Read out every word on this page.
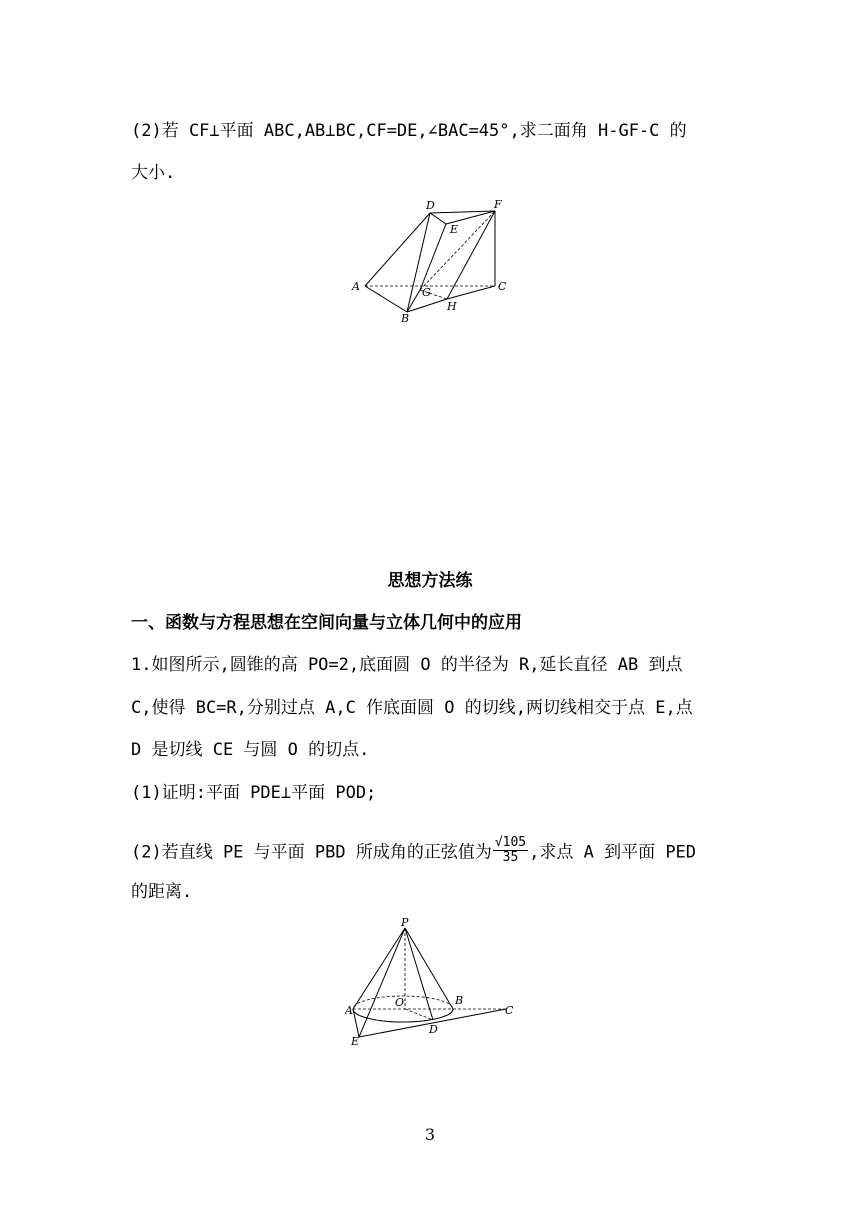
(2)若 CF⊥平面 ABC,AB⊥BC,CF=DE,∠BAC=45°,求二面角 H-GF-C 的
大小.
D	F
E
A	G
H
C
B
思想方法练
一、函数与方程思想在空间向量与立体几何中的应用
1.如图所示,圆锥的高 PO=2,底面圆 O 的半径为 R,延长直径 AB 到点
C,使得 BC=R,分别过点 A,C 作底面圆 O 的切线,两切线相交于点 E,点
D 是切线 CE 与圆 O 的切点.
(1)证明:平面 PDE⊥平面 POD;
(2)若直线 PE 与平面 PBD 所成角的正弦值为 $\frac{√105}{35}$ ,求点 A 到平面 PED
的距离.
P
A
O	B
C
D
E
3
